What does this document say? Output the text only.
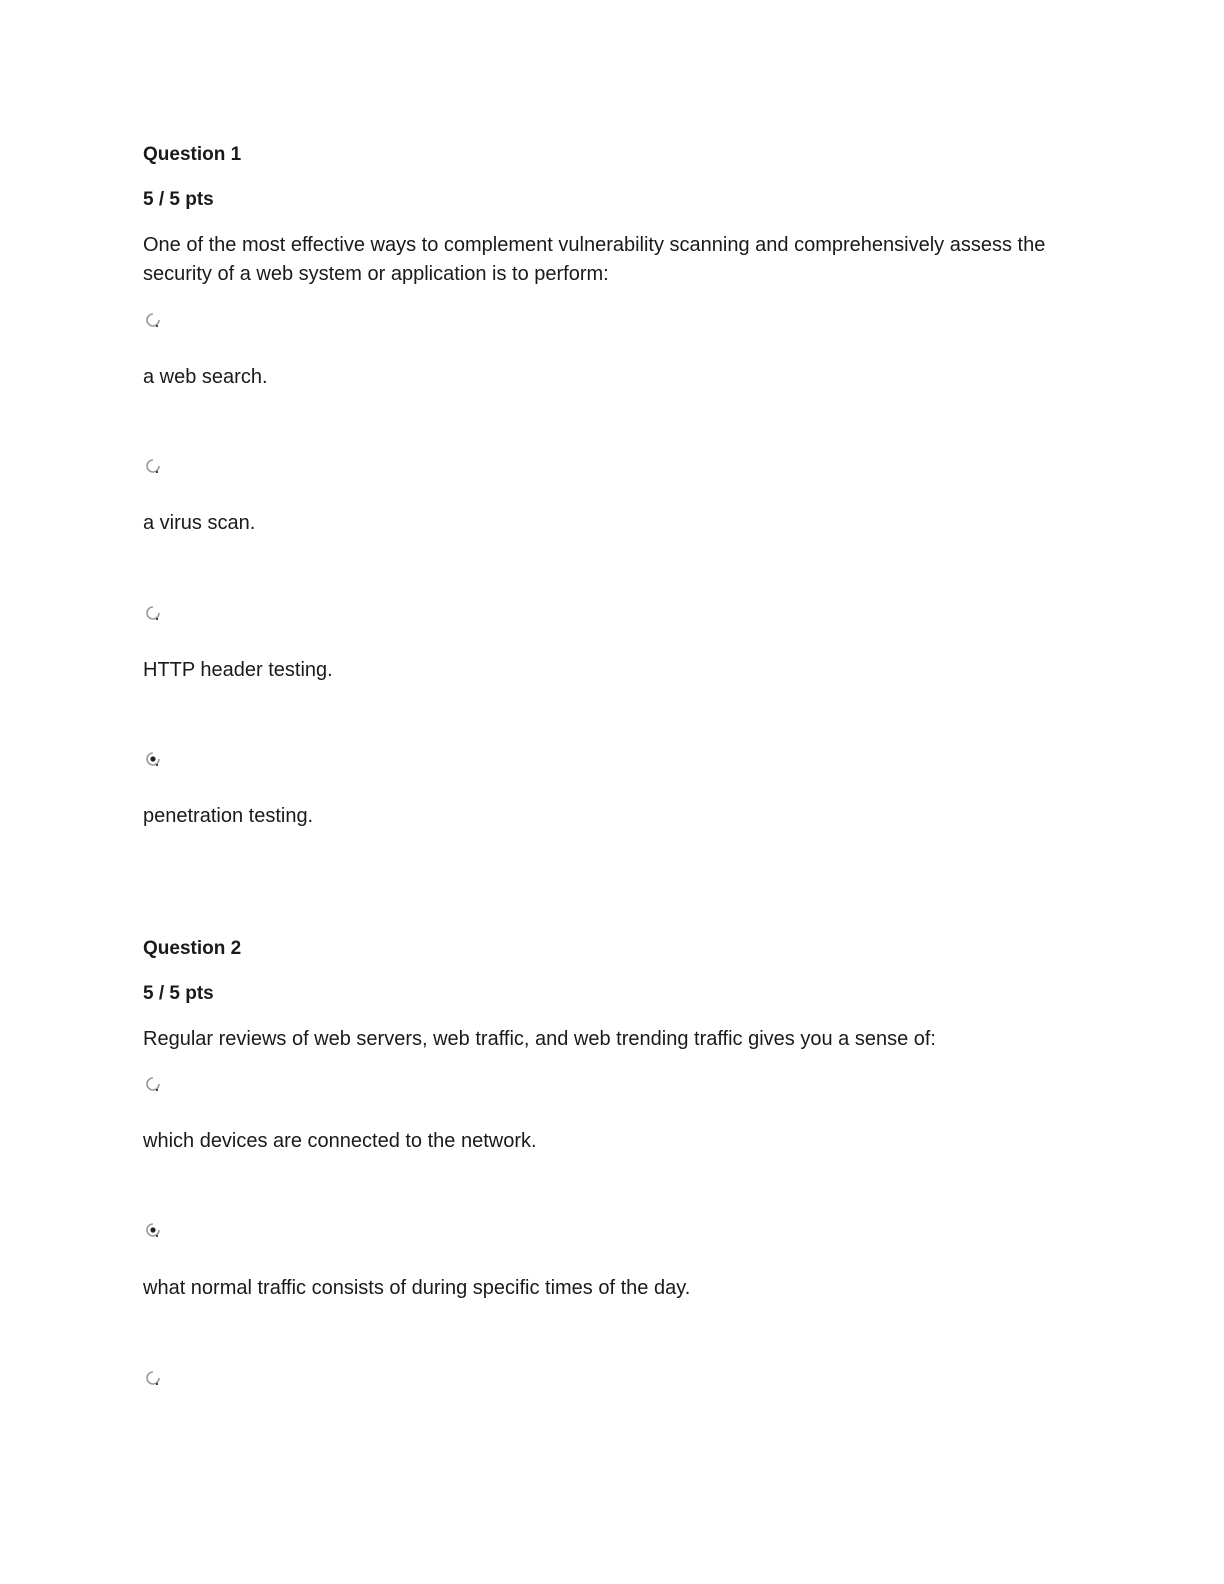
Question 1
5 / 5 pts
One of the most effective ways to complement vulnerability scanning and comprehensively assess the
security of a web system or application is to perform:
a web search.
a virus scan.
HTTP header testing.
penetration testing.
Question 2
5 / 5 pts
Regular reviews of web servers, web traffic, and web trending traffic gives you a sense of:
which devices are connected to the network.
what normal traffic consists of during specific times of the day.
